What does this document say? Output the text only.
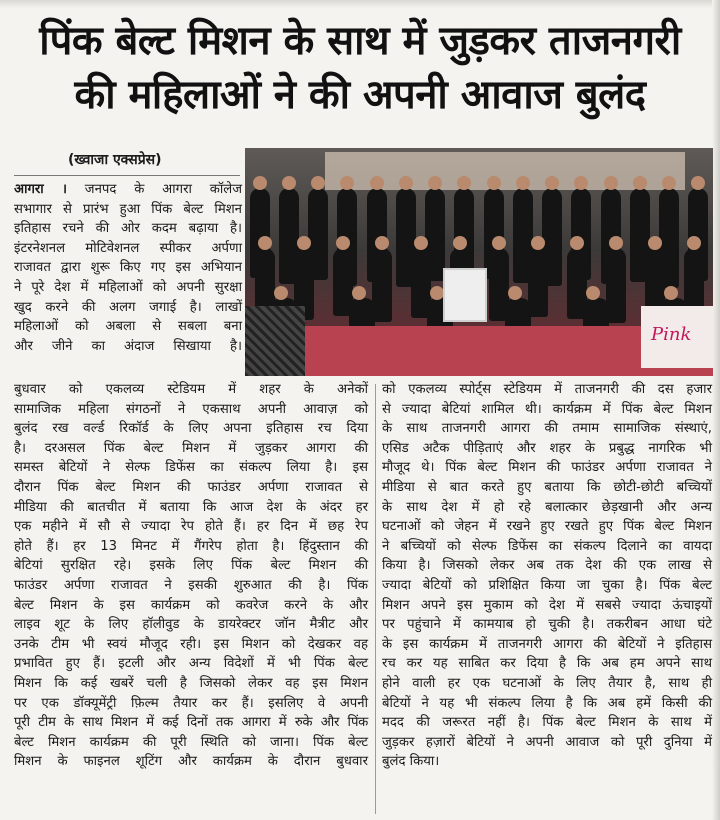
पिंक बेल्ट मिशन के साथ में जुड़कर ताजनगरी
की महिलाओं ने की अपनी आवाज बुलंद
(ख्वाजा एक्सप्रेस)
Pink
आगरा । जनपद के आगरा कॉलेज
सभागार से प्रारंभ हुआ पिंक बेल्ट मिशन
इतिहास रचने की ओर कदम बढ़ाया है।
इंटरनेशनल मोटिवेशनल स्पीकर अर्पणा
राजावत द्वारा शुरू किए गए इस अभियान
ने पूरे देश में महिलाओं को अपनी सुरक्षा
खुद करने की अलग जगाई है। लाखों
महिलाओं को अबला से सबला बना
और जीने का अंदाज सिखाया है।
बुधवार को एकलव्य स्टेडियम में शहर के अनेकों
सामाजिक महिला संगठनों ने एकसाथ अपनी आवाज़ को
बुलंद रख वर्ल्ड रिकॉर्ड के लिए अपना इतिहास रच दिया
है। दरअसल पिंक बेल्ट मिशन में जुड़कर आगरा की
समस्त बेटियों ने सेल्फ डिफेंस का संकल्प लिया है। इस
दौरान पिंक बेल्ट मिशन की फाउंडर अर्पणा राजावत से
मीडिया की बातचीत में बताया कि आज देश के अंदर हर
एक महीने में सौ से ज्यादा रेप होते हैं। हर दिन में छह रेप
होते हैं। हर 13 मिनट में गैंगरेप होता है। हिंदुस्तान की
बेटियां सुरक्षित रहे। इसके लिए पिंक बेल्ट मिशन की
फाउंडर अर्पणा राजावत ने इसकी शुरुआत की है। पिंक
बेल्ट मिशन के इस कार्यक्रम को कवरेज करने के और
लाइव शूट के लिए हॉलीवुड के डायरेक्टर जॉन मैत्रीट और
उनके टीम भी स्वयं मौजूद रही। इस मिशन को देखकर वह
प्रभावित हुए हैं। इटली और अन्य विदेशों में भी पिंक बेल्ट
मिशन कि कई खबरें चली है जिसको लेकर वह इस मिशन
पर एक डॉक्यूमेंट्री फ़िल्म तैयार कर हैं। इसलिए वे अपनी
पूरी टीम के साथ मिशन में कई दिनों तक आगरा में रुके और पिंक
बेल्ट मिशन कार्यक्रम की पूरी स्थिति को जाना। पिंक बेल्ट
मिशन के फाइनल शूटिंग और कार्यक्रम के दौरान बुधवार
को एकलव्य स्पोर्ट्स स्टेडियम में ताजनगरी की दस हजार
से ज्यादा बेटियां शामिल थी। कार्यक्रम में पिंक बेल्ट मिशन
के साथ ताजनगरी आगरा की तमाम सामाजिक संस्थाएं,
एसिड अटैक पीड़िताएं और शहर के प्रबुद्ध नागरिक भी
मौजूद थे। पिंक बेल्ट मिशन की फाउंडर अर्पणा राजावत ने
मीडिया से बात करते हुए बताया कि छोटी-छोटी बच्चियों
के साथ देश में हो रहे बलात्कार छेड़खानी और अन्य
घटनाओं को जेहन में रखने हुए रखते हुए पिंक बेल्ट मिशन
ने बच्चियों को सेल्फ डिफेंस का संकल्प दिलाने का वायदा
किया है। जिसको लेकर अब तक देश की एक लाख से
ज्यादा बेटियों को प्रशिक्षित किया जा चुका है। पिंक बेल्ट
मिशन अपने इस मुकाम को देश में सबसे ज्यादा ऊंचाइयों
पर पहुंचाने में कामयाब हो चुकी है। तकरीबन आधा घंटे
के इस कार्यक्रम में ताजनगरी आगरा की बेटियों ने इतिहास
रच कर यह साबित कर दिया है कि अब हम अपने साथ
होने वाली हर एक घटनाओं के लिए तैयार है, साथ ही
बेटियों ने यह भी संकल्प लिया है कि अब हमें किसी की
मदद की जरूरत नहीं है। पिंक बेल्ट मिशन के साथ में
जुड़कर हज़ारों बेटियों ने अपनी आवाज को पूरी दुनिया में
बुलंद किया।
